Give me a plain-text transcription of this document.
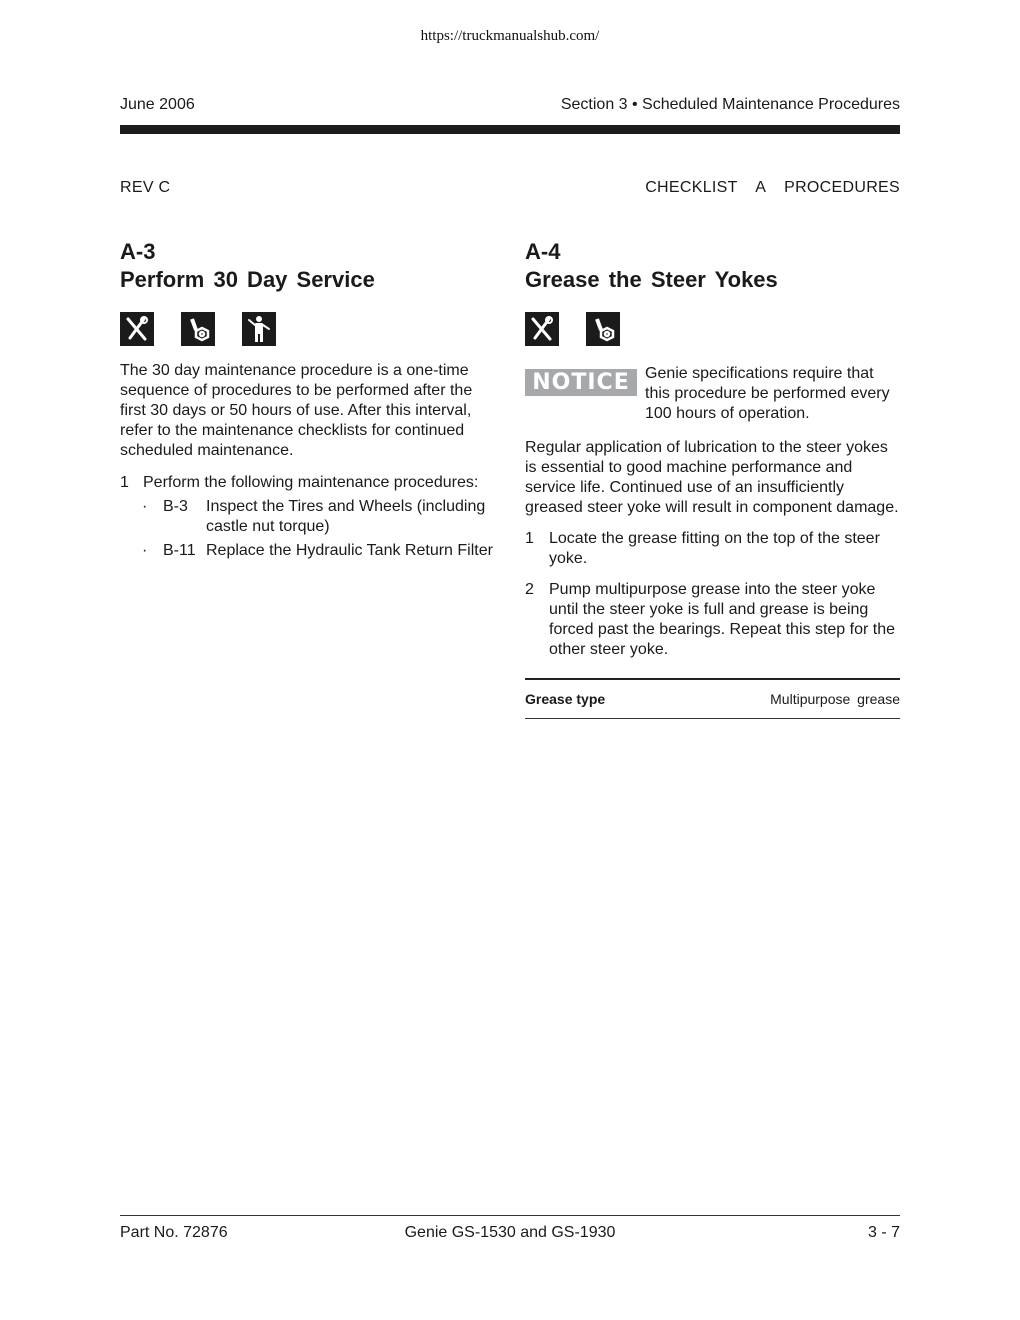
https://truckmanualshub.com/
June 2006	Section 3 • Scheduled Maintenance Procedures
REV C	CHECKLIST A PROCEDURES
A-3
Perform 30 Day Service
The 30 day maintenance procedure is a one-time sequence of procedures to be performed after the first 30 days or 50 hours of use. After this interval, refer to the maintenance checklists for continued scheduled maintenance.
1 Perform the following maintenance procedures:
· B-3	Inspect the Tires and Wheels (including castle nut torque)
· B-11 Replace the Hydraulic Tank Return Filter
A-4
Grease the Steer Yokes
NOTICE Genie specifications require that this procedure be performed every 100 hours of operation.
Regular application of lubrication to the steer yokes is essential to good machine performance and service life. Continued use of an insufficiently greased steer yoke will result in component damage.
1 Locate the grease fitting on the top of the steer yoke.
2 Pump multipurpose grease into the steer yoke until the steer yoke is full and grease is being forced past the bearings. Repeat this step for the other steer yoke.
Grease type	Multipurpose grease
Part No. 72876	Genie GS-1530 and GS-1930	3 - 7
